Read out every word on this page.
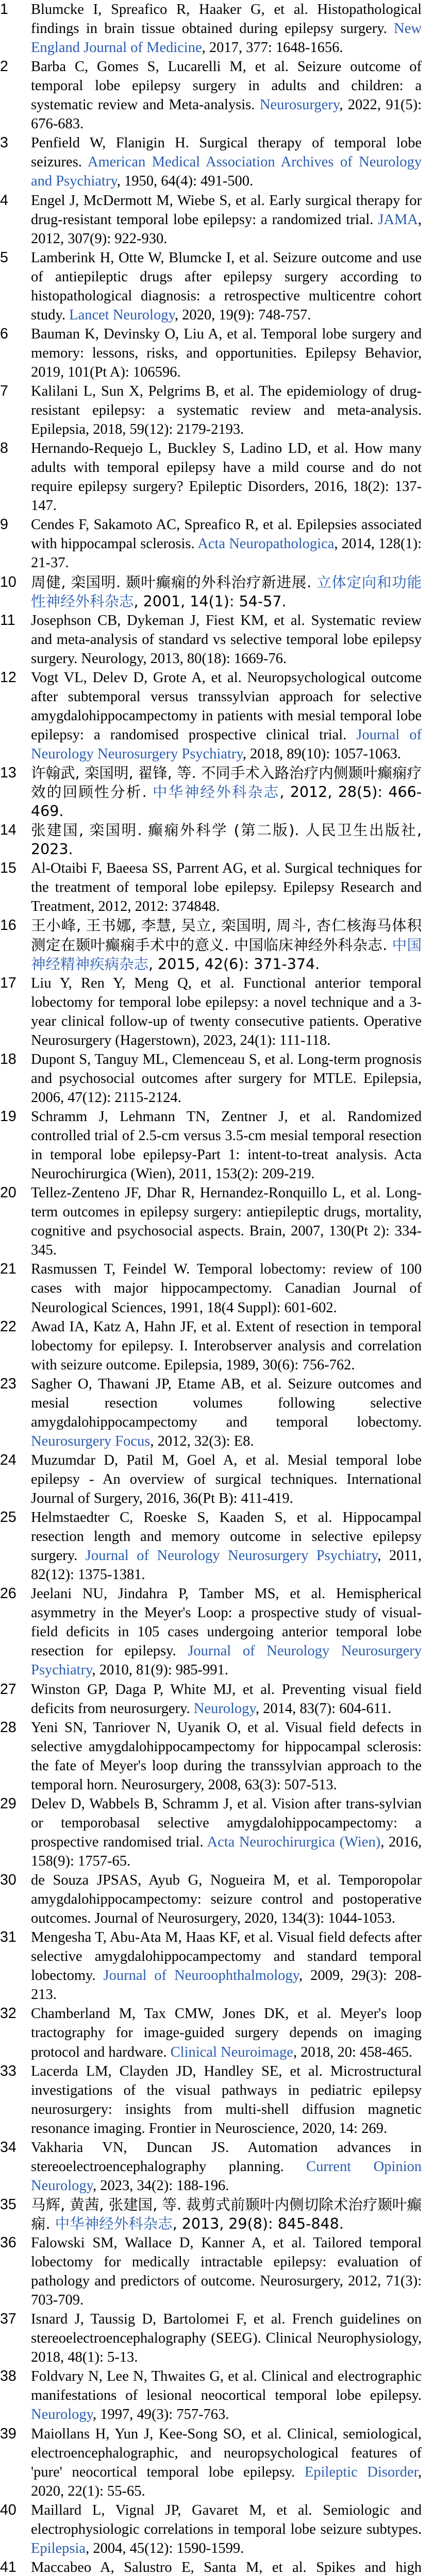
1	Blumcke I, Spreafico R, Haaker G, et al. Histopathological findings in brain tissue obtained during epilepsy surgery. New England Journal of Medicine, 2017, 377: 1648-1656.
2	Barba C, Gomes S, Lucarelli M, et al. Seizure outcome of temporal lobe epilepsy surgery in adults and children: a systematic review and Meta-analysis. Neurosurgery, 2022, 91(5): 676-683.
3	Penfield W, Flanigin H. Surgical therapy of temporal lobe seizures. American Medical Association Archives of Neurology and Psychiatry, 1950, 64(4): 491-500.
4	Engel J, McDermott M, Wiebe S, et al. Early surgical therapy for drug-resistant temporal lobe epilepsy: a randomized trial. JAMA, 2012, 307(9): 922-930.
5	Lamberink H, Otte W, Blumcke I, et al. Seizure outcome and use of antiepileptic drugs after epilepsy surgery according to histopathological diagnosis: a retrospective multicentre cohort study. Lancet Neurology, 2020, 19(9): 748-757.
6	Bauman K, Devinsky O, Liu A, et al. Temporal lobe surgery and memory: lessons, risks, and opportunities. Epilepsy Behavior, 2019, 101(Pt A): 106596.
7	Kalilani L, Sun X, Pelgrims B, et al. The epidemiology of drug-resistant epilepsy: a systematic review and meta-analysis. Epilepsia, 2018, 59(12): 2179-2193.
8	Hernando-Requejo L, Buckley S, Ladino LD, et al. How many adults with temporal epilepsy have a mild course and do not require epilepsy surgery? Epileptic Disorders, 2016, 18(2): 137-147.
9	Cendes F, Sakamoto AC, Spreafico R, et al. Epilepsies associated with hippocampal sclerosis. Acta Neuropathologica, 2014, 128(1): 21-37.
10 周健, 栾国明. 颞叶癫痫的外科治疗新进展. 立体定向和功能性神经外科杂志, 2001, 14(1): 54-57.
11	Josephson CB, Dykeman J, Fiest KM, et al. Systematic review and meta-analysis of standard vs selective temporal lobe epilepsy surgery. Neurology, 2013, 80(18): 1669-76.
12 Vogt VL, Delev D, Grote A, et al. Neuropsychological outcome after subtemporal versus transsylvian approach for selective amygdalohippocampectomy in patients with mesial temporal lobe epilepsy: a randomised prospective clinical trial. Journal of Neurology Neurosurgery Psychiatry, 2018, 89(10): 1057-1063.
13 许翰武, 栾国明, 翟锋, 等. 不同手术入路治疗内侧颞叶癫痫疗效的回顾性分析. 中华神经外科杂志, 2012, 28(5): 466-469.
14 张建国, 栾国明. 癫痫外科学 (第二版). 人民卫生出版社, 2023.
15 Al-Otaibi F, Baeesa SS, Parrent AG, et al. Surgical techniques for the treatment of temporal lobe epilepsy. Epilepsy Research and Treatment, 2012, 2012: 374848.
16 王小峰, 王书娜, 李慧, 吴立, 栾国明, 周斗, 杏仁核海马体积测定在颞叶癫痫手术中的意义. 中国临床神经外科杂志. 中国神经精神疾病杂志, 2015, 42(6): 371-374.
17 Liu Y, Ren Y, Meng Q, et al. Functional anterior temporal lobectomy for temporal lobe epilepsy: a novel technique and a 3-year clinical follow-up of twenty consecutive patients. Operative Neurosurgery (Hagerstown), 2023, 24(1): 111-118.
18 Dupont S, Tanguy ML, Clemenceau S, et al. Long-term prognosis and psychosocial outcomes after surgery for MTLE. Epilepsia, 2006, 47(12): 2115-2124.
19 Schramm J, Lehmann TN, Zentner J, et al. Randomized controlled trial of 2.5-cm versus 3.5-cm mesial temporal resection in temporal lobe epilepsy-Part 1: intent-to-treat analysis. Acta Neurochirurgica (Wien), 2011, 153(2): 209-219.
20 Tellez-Zenteno JF, Dhar R, Hernandez-Ronquillo L, et al. Long-term outcomes in epilepsy surgery: antiepileptic drugs, mortality, cognitive and psychosocial aspects. Brain, 2007, 130(Pt 2): 334-345.
21 Rasmussen T, Feindel W. Temporal lobectomy: review of 100 cases with major hippocampectomy. Canadian Journal of Neurological Sciences, 1991, 18(4 Suppl): 601-602.
22 Awad IA, Katz A, Hahn JF, et al. Extent of resection in temporal lobectomy for epilepsy. I. Interobserver analysis and correlation with seizure outcome. Epilepsia, 1989, 30(6): 756-762.
23 Sagher O, Thawani JP, Etame AB, et al. Seizure outcomes and mesial resection volumes following selective amygdalohippocampectomy and temporal lobectomy. Neurosurgery Focus, 2012, 32(3): E8.
24 Muzumdar D, Patil M, Goel A, et al. Mesial temporal lobe epilepsy - An overview of surgical techniques. International Journal of Surgery, 2016, 36(Pt B): 411-419.
25 Helmstaedter C, Roeske S, Kaaden S, et al. Hippocampal resection length and memory outcome in selective epilepsy surgery. Journal of Neurology Neurosurgery Psychiatry, 2011, 82(12): 1375-1381.
26 Jeelani NU, Jindahra P, Tamber MS, et al. Hemispherical asymmetry in the Meyer's Loop: a prospective study of visual-field deficits in 105 cases undergoing anterior temporal lobe resection for epilepsy. Journal of Neurology Neurosurgery Psychiatry, 2010, 81(9): 985-991.
27 Winston GP, Daga P, White MJ, et al. Preventing visual field deficits from neurosurgery. Neurology, 2014, 83(7): 604-611.
28 Yeni SN, Tanriover N, Uyanik O, et al. Visual field defects in selective amygdalohippocampectomy for hippocampal sclerosis: the fate of Meyer's loop during the transsylvian approach to the temporal horn. Neurosurgery, 2008, 63(3): 507-513.
29 Delev D, Wabbels B, Schramm J, et al. Vision after trans-sylvian or temporobasal selective amygdalohippocampectomy: a prospective randomised trial. Acta Neurochirurgica (Wien), 2016, 158(9): 1757-65.
30 de Souza JPSAS, Ayub G, Nogueira M, et al. Temporopolar amygdalohippocampectomy: seizure control and postoperative outcomes. Journal of Neurosurgery, 2020, 134(3): 1044-1053.
31 Mengesha T, Abu-Ata M, Haas KF, et al. Visual field defects after selective amygdalohippocampectomy and standard temporal lobectomy. Journal of Neuroophthalmology, 2009, 29(3): 208-213.
32 Chamberland M, Tax CMW, Jones DK, et al. Meyer's loop tractography for image-guided surgery depends on imaging protocol and hardware. Clinical Neuroimage, 2018, 20: 458-465.
33 Lacerda LM, Clayden JD, Handley SE, et al. Microstructural investigations of the visual pathways in pediatric epilepsy neurosurgery: insights from multi-shell diffusion magnetic resonance imaging. Frontier in Neuroscience, 2020, 14: 269.
34 Vakharia VN, Duncan JS. Automation advances in stereoelectroencephalography planning. Current Opinion Neurology, 2023, 34(2): 188-196.
35 马辉, 黄茜, 张建国, 等. 裁剪式前颞叶内侧切除术治疗颞叶癫痫. 中华神经外科杂志, 2013, 29(8): 845-848.
36 Falowski SM, Wallace D, Kanner A, et al. Tailored temporal lobectomy for medically intractable epilepsy: evaluation of pathology and predictors of outcome. Neurosurgery, 2012, 71(3): 703-709.
37 Isnard J, Taussig D, Bartolomei F, et al. French guidelines on stereoelectroencephalography (SEEG). Clinical Neurophysiology, 2018, 48(1): 5-13.
38 Foldvary N, Lee N, Thwaites G, et al. Clinical and electrographic manifestations of lesional neocortical temporal lobe epilepsy. Neurology, 1997, 49(3): 757-763.
39 Maiollans H, Yun J, Kee-Song SO, et al. Clinical, semiological, electroencephalographic, and neuropsychological features of 'pure' neocortical temporal lobe epilepsy. Epileptic Disorder, 2020, 22(1): 55-65.
40 Maillard L, Vignal JP, Gavaret M, et al. Semiologic and electrophysiologic correlations in temporal lobe seizure subtypes. Epilepsia, 2004, 45(12): 1590-1599.
41 Maccabeo A, Salustro E, Santa M, et al. Spikes and high
